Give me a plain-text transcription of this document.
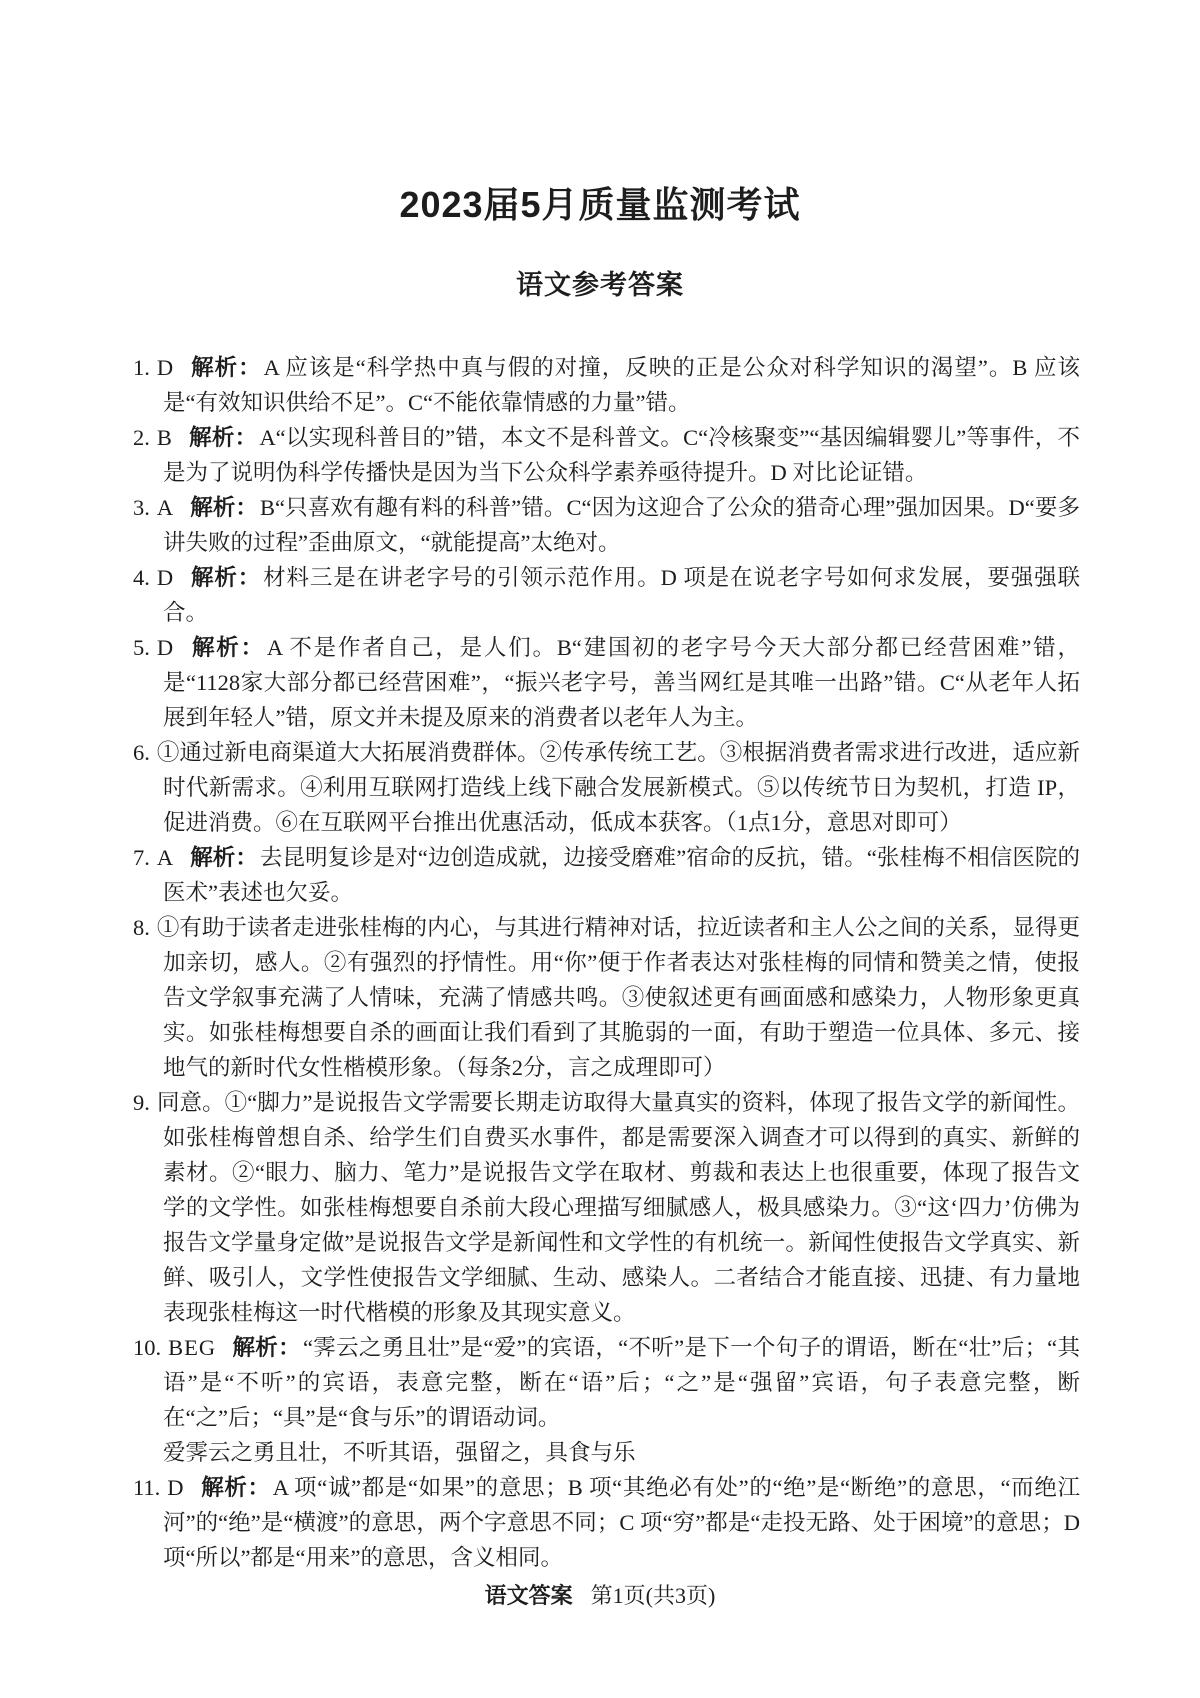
2023届5月质量监测考试
语文参考答案

1. D 解析：A 应该是“科学热中真与假的对撞，反映的正是公众对科学知识的渴望”。B 应该是“有效知识供给不足”。C“不能依靠情感的力量”错。

2. B 解析：A“以实现科普目的”错，本文不是科普文。C“冷核聚变”“基因编辑婴儿”等事件，不是为了说明伪科学传播快是因为当下公众科学素养亟待提升。D 对比论证错。

3. A 解析：B“只喜欢有趣有料的科普”错。C“因为这迎合了公众的猎奇心理”强加因果。D“要多讲失败的过程”歪曲原文，“就能提高”太绝对。

4. D 解析：材料三是在讲老字号的引领示范作用。D 项是在说老字号如何求发展，要强强联合。

5. D 解析：A 不是作者自己，是人们。B“建国初的老字号今天大部分都已经营困难”错，是“1128家大部分都已经营困难”，“振兴老字号，善当网红是其唯一出路”错。C“从老年人拓展到年轻人”错，原文并未提及原来的消费者以老年人为主。

6. ①通过新电商渠道大大拓展消费群体。②传承传统工艺。③根据消费者需求进行改进，适应新时代新需求。④利用互联网打造线上线下融合发展新模式。⑤以传统节日为契机，打造 IP，促进消费。⑥在互联网平台推出优惠活动，低成本获客。（1点1分，意思对即可）

7. A 解析：去昆明复诊是对“边创造成就，边接受磨难”宿命的反抗，错。“张桂梅不相信医院的医术”表述也欠妥。

8. ①有助于读者走进张桂梅的内心，与其进行精神对话，拉近读者和主人公之间的关系，显得更加亲切，感人。②有强烈的抒情性。用“你”便于作者表达对张桂梅的同情和赞美之情，使报告文学叙事充满了人情味，充满了情感共鸣。③使叙述更有画面感和感染力，人物形象更真实。如张桂梅想要自杀的画面让我们看到了其脆弱的一面，有助于塑造一位具体、多元、接地气的新时代女性楷模形象。（每条2分，言之成理即可）

9. 同意。①“脚力”是说报告文学需要长期走访取得大量真实的资料，体现了报告文学的新闻性。如张桂梅曾想自杀、给学生们自费买水事件，都是需要深入调查才可以得到的真实、新鲜的素材。②“眼力、脑力、笔力”是说报告文学在取材、剪裁和表达上也很重要，体现了报告文学的文学性。如张桂梅想要自杀前大段心理描写细腻感人，极具感染力。③“这‘四力’仿佛为报告文学量身定做”是说报告文学是新闻性和文学性的有机统一。新闻性使报告文学真实、新鲜、吸引人，文学性使报告文学细腻、生动、感染人。二者结合才能直接、迅捷、有力量地表现张桂梅这一时代楷模的形象及其现实意义。

10. BEG 解析：“霁云之勇且壮”是“爱”的宾语，“不听”是下一个句子的谓语，断在“壮”后；“其语”是“不听”的宾语，表意完整，断在“语”后；“之”是“强留”宾语，句子表意完整，断在“之”后；“具”是“食与乐”的谓语动词。
爱霁云之勇且壮，不听其语，强留之，具食与乐

11. D 解析：A 项“诚”都是“如果”的意思；B 项“其绝必有处”的“绝”是“断绝”的意思，“而绝江河”的“绝”是“横渡”的意思，两个字意思不同；C 项“穷”都是“走投无路、处于困境”的意思；D 项“所以”都是“用来”的意思，含义相同。

语文答案 第1页(共3页)
